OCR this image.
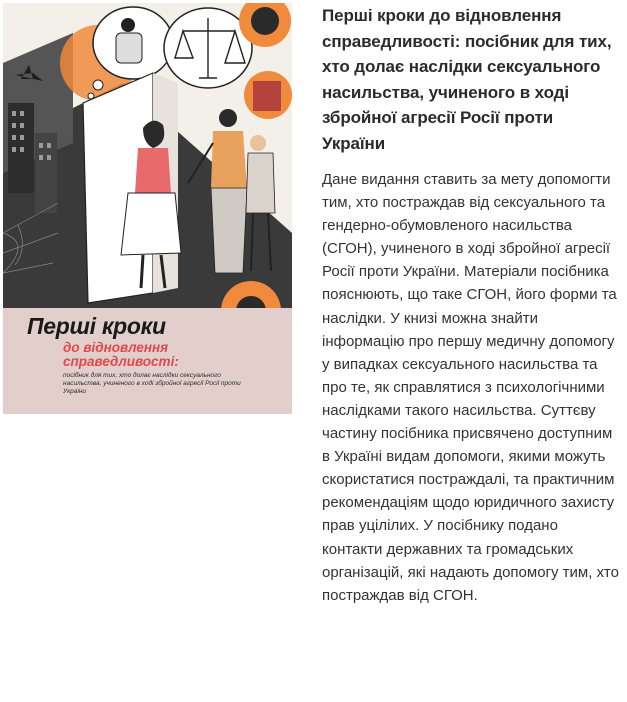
Перші кроки
до відновлення справедливості:
посібник для тих, хто долає наслідки сексуального насильства, учиненого в ході збройної агресії Росії проти України
Перші кроки до відновлення справедливості: посібник для тих, хто долає наслідки сексуального насильства, учиненого в ході збройної агресії Росії проти України

Дане видання ставить за мету допомогти тим, хто постраждав від сексуального та гендерно-обумовленого насильства (СГОН), учиненого в ході збройної агресії Росії проти України. Матеріали посібника пояснюють, що таке СГОН, його форми та наслідки. У книзі можна знайти інформацію про першу медичну допомогу у випадках сексуального насильства та про те, як справлятися з психологічними наслідками такого насильства. Суттєву частину посібника присвячено доступним в Україні видам допомоги, якими можуть скористатися постраждалі, та практичним рекомендаціям щодо юридичного захисту прав уцілілих. У посібнику подано контакти державних та громадських організацій, які надають допомогу тим, хто постраждав від СГОН.
